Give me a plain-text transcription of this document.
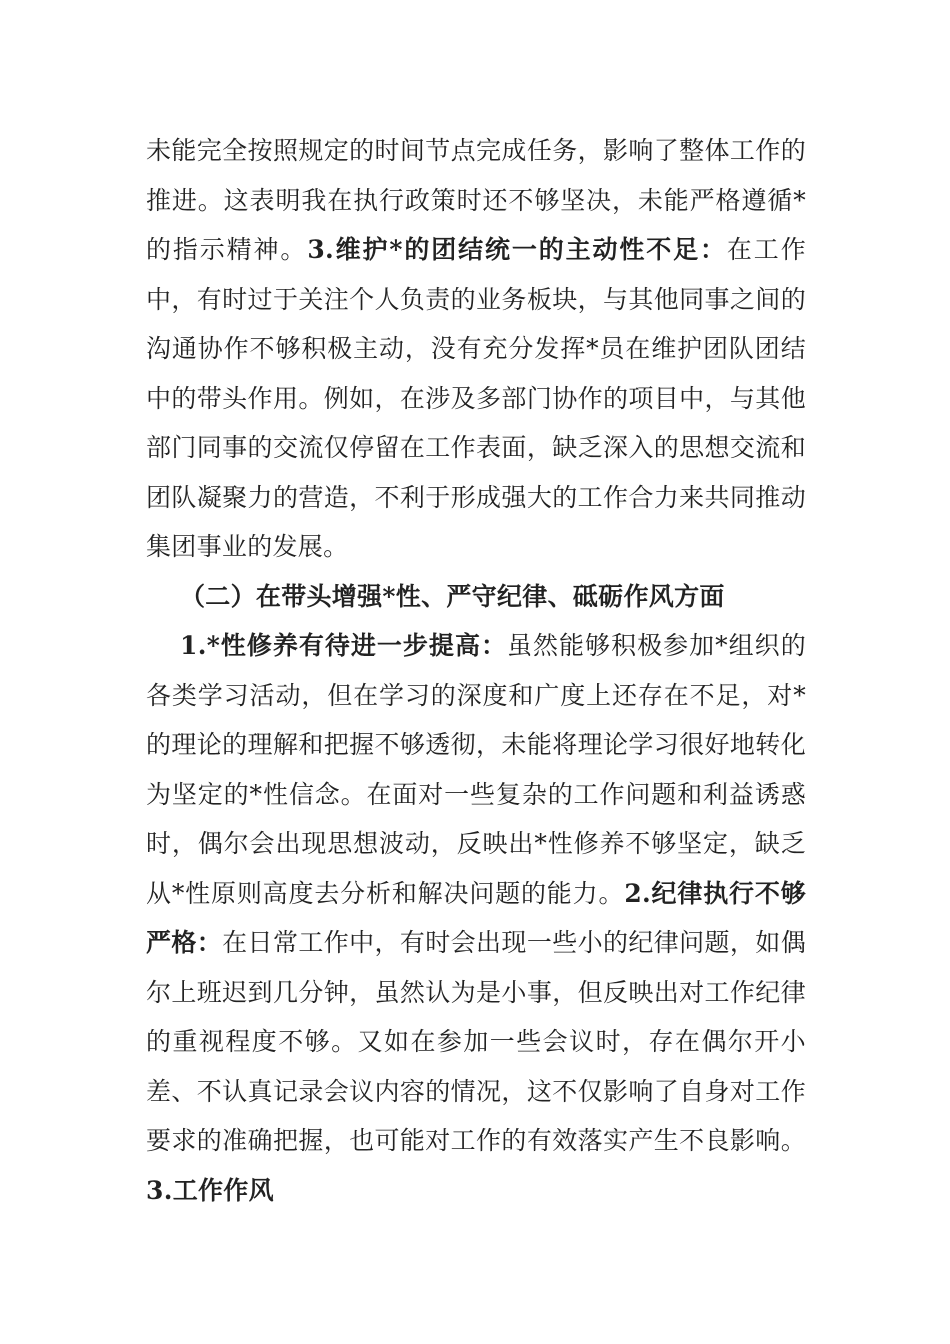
未能完全按照规定的时间节点完成任务，影响了整体工作的推进。这表明我在执行政策时还不够坚决，未能严格遵循*的指示精神。3.维护*的团结统一的主动性不足：在工作中，有时过于关注个人负责的业务板块，与其他同事之间的沟通协作不够积极主动，没有充分发挥*员在维护团队团结中的带头作用。例如，在涉及多部门协作的项目中，与其他部门同事的交流仅停留在工作表面，缺乏深入的思想交流和团队凝聚力的营造，不利于形成强大的工作合力来共同推动集团事业的发展。

（二）在带头增强*性、严守纪律、砥砺作风方面

1.*性修养有待进一步提高：虽然能够积极参加*组织的各类学习活动，但在学习的深度和广度上还存在不足，对*的理论的理解和把握不够透彻，未能将理论学习很好地转化为坚定的*性信念。在面对一些复杂的工作问题和利益诱惑时，偶尔会出现思想波动，反映出*性修养不够坚定，缺乏从*性原则高度去分析和解决问题的能力。2.纪律执行不够严格：在日常工作中，有时会出现一些小的纪律问题，如偶尔上班迟到几分钟，虽然认为是小事，但反映出对工作纪律的重视程度不够。又如在参加一些会议时，存在偶尔开小差、不认真记录会议内容的情况，这不仅影响了自身对工作要求的准确把握，也可能对工作的有效落实产生不良影响。3.工作作风
